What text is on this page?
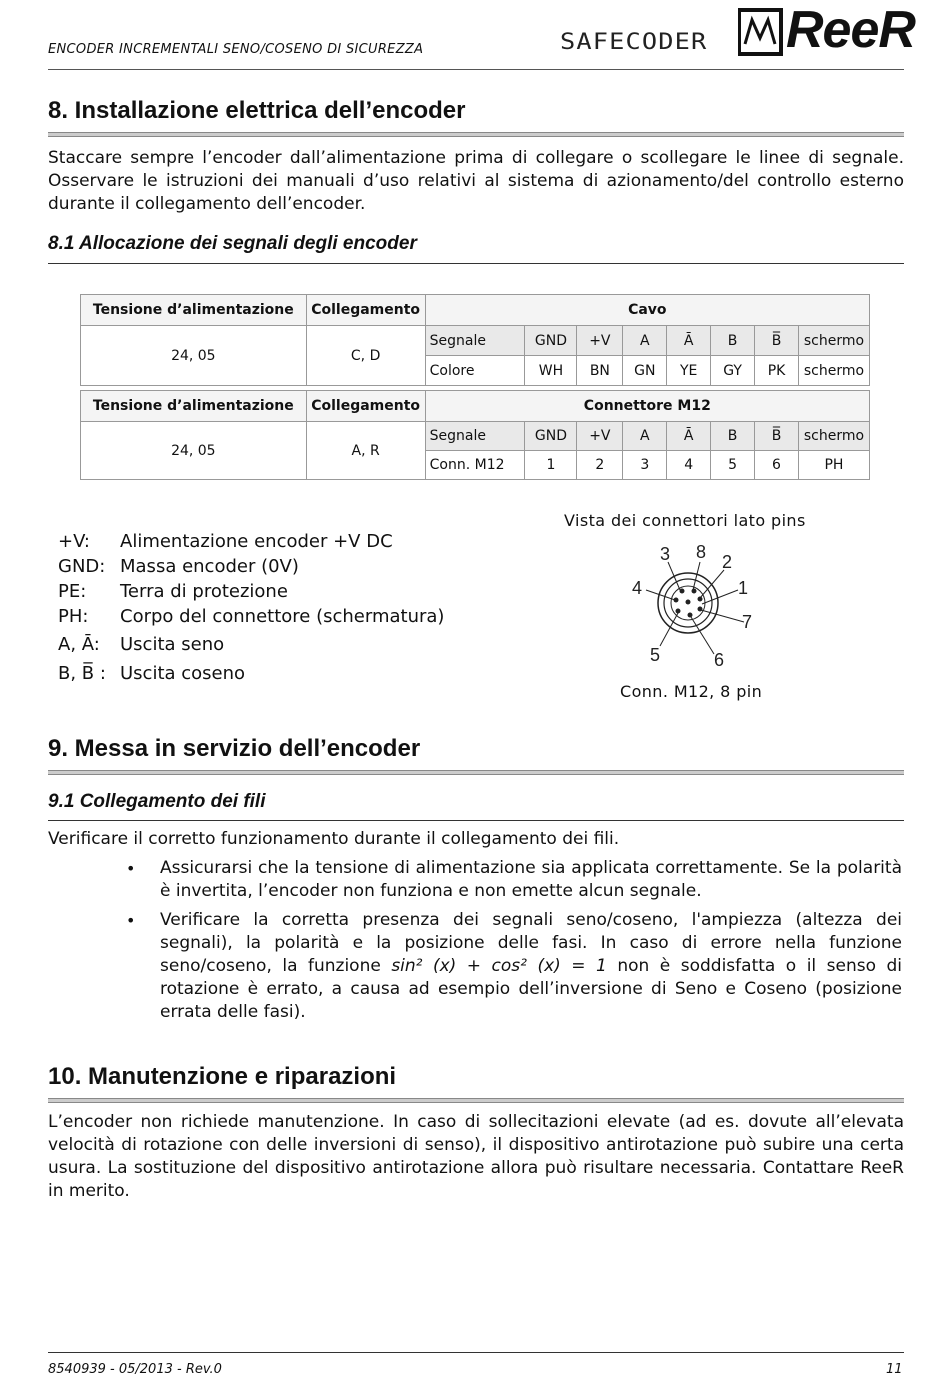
ENCODER INCREMENTALI SENO/COSENO DI SICUREZZA	SAFECODER ReeR
8. Installazione elettrica dell’encoder
Staccare sempre l’encoder dall’alimentazione prima di collegare o scollegare le linee di segnale. Osservare le istruzioni dei manuali d’uso relativi al sistema di azionamento/del controllo esterno durante il collegamento dell’encoder.
8.1 Allocazione dei segnali degli encoder
Tensione d’alimentazione	Collegamento	Cavo							
24, 05	C, D	Segnale	GND	+V	A	Ā	B	B̅	schermo
		Colore	WH	BN	GN	YE	GY	PK	schermo

Tensione d’alimentazione	Collegamento	Connettore M12							
24, 05	A, R	Segnale	GND	+V	A	Ā	B	B̅	schermo
		Conn. M12	1	2	3	4	5	6	PH
+V:	Alimentazione encoder +V DC
GND: Massa encoder (0V)
PE:	Terra di protezione
PH:	Corpo del connettore (schermatura)
A, Ā:	Uscita seno
B, B̅ : Uscita coseno
Vista dei connettori lato pins
Conn. M12, 8 pin
3 8 2
4	1
7
5	6
9. Messa in servizio dell’encoder
9.1 Collegamento dei fili
Verificare il corretto funzionamento durante il collegamento dei fili.
• Assicurarsi che la tensione di alimentazione sia applicata correttamente. Se la polarità è invertita, l’encoder non funziona e non emette alcun segnale.
• Verificare la corretta presenza dei segnali seno/coseno, l'ampiezza (altezza dei segnali), la polarità e la posizione delle fasi. In caso di errore nella funzione seno/coseno, la funzione sin² (x) + cos² (x) = 1 non è soddisfatta o il senso di rotazione è errato, a causa ad esempio dell’inversione di Seno e Coseno (posizione errata delle fasi).
10. Manutenzione e riparazioni
L’encoder non richiede manutenzione. In caso di sollecitazioni elevate (ad es. dovute all’elevata velocità di rotazione con delle inversioni di senso), il dispositivo antirotazione può subire una certa usura. La sostituzione del dispositivo antirotazione allora può risultare necessaria. Contattare ReeR in merito.
8540939 - 05/2013 - Rev.0	11
